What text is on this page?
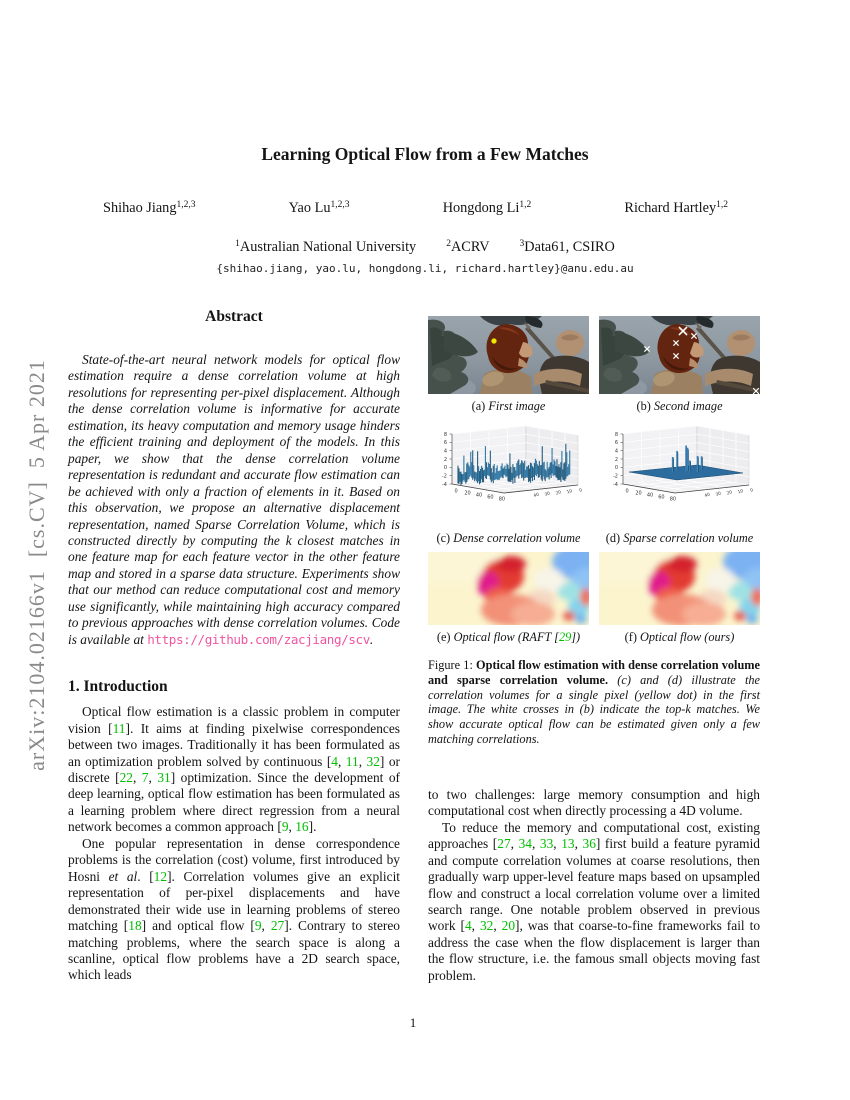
arXiv:2104.02166v1  [cs.CV]  5 Apr 2021
Learning Optical Flow from a Few Matches
Shihao Jiang$^{1,2,3}$	Yao Lu$^{1,2,3}$	Hongdong Li$^{1,2}$	Richard Hartley$^{1,2}$
$^1$Australian National University	$^2$ACRV	$^3$Data61, CSIRO
{shihao.jiang, yao.lu, hongdong.li, richard.hartley}@anu.edu.au
Abstract

State-of-the-art neural network models for optical flow estimation require a dense correlation volume at high resolutions for representing per-pixel displacement. Although the dense correlation volume is informative for accurate estimation, its heavy computation and memory usage hinders the efficient training and deployment of the models. In this paper, we show that the dense correlation volume representation is redundant and accurate flow estimation can be achieved with only a fraction of elements in it. Based on this observation, we propose an alternative displacement representation, named Sparse Correlation Volume, which is constructed directly by computing the k closest matches in one feature map for each feature vector in the other feature map and stored in a sparse data structure. Experiments show that our method can reduce computational cost and memory use significantly, while maintaining high accuracy compared to previous approaches with dense correlation volumes. Code is available at https://github.com/zacjiang/scv.

1. Introduction

Optical flow estimation is a classic problem in computer vision [11]. It aims at finding pixelwise correspondences between two images. Traditionally it has been formulated as an optimization problem solved by continuous [4, 11, 32] or discrete [22, 7, 31] optimization. Since the development of deep learning, optical flow estimation has been formulated as a learning problem where direct regression from a neural network becomes a common approach [9, 16].

One popular representation in dense correspondence problems is the correlation (cost) volume, first introduced by Hosni et al. [12]. Correlation volumes give an explicit representation of per-pixel displacements and have demonstrated their wide use in learning problems of stereo matching [18] and optical flow [9, 27]. Contrary to stereo matching problems, where the search space is along a scanline, optical flow problems have a 2D search space, which leads

(a) First image	(b) Second image
8
6
4
2
0
-2
-4
0 20 40 60 80
40 30 20 10 0
8
6
4
2
0
-2
-4
0 20 40 60 80
40 30 20 10 0
(c) Dense correlation volume	(d) Sparse correlation volume
(e) Optical flow (RAFT [29])	(f) Optical flow (ours)
Figure 1: Optical flow estimation with dense correlation volume and sparse correlation volume. (c) and (d) illustrate the correlation volumes for a single pixel (yellow dot) in the first image. The white crosses in (b) indicate the top-k matches. We show accurate optical flow can be estimated given only a few matching correlations.

to two challenges: large memory consumption and high computational cost when directly processing a 4D volume.

To reduce the memory and computational cost, existing approaches [27, 34, 33, 13, 36] first build a feature pyramid and compute correlation volumes at coarse resolutions, then gradually warp upper-level feature maps based on upsampled flow and construct a local correlation volume over a limited search range. One notable problem observed in previous work [4, 32, 20], was that coarse-to-fine frameworks fail to address the case when the flow displacement is larger than the flow structure, i.e. the famous small objects moving fast problem.

1
